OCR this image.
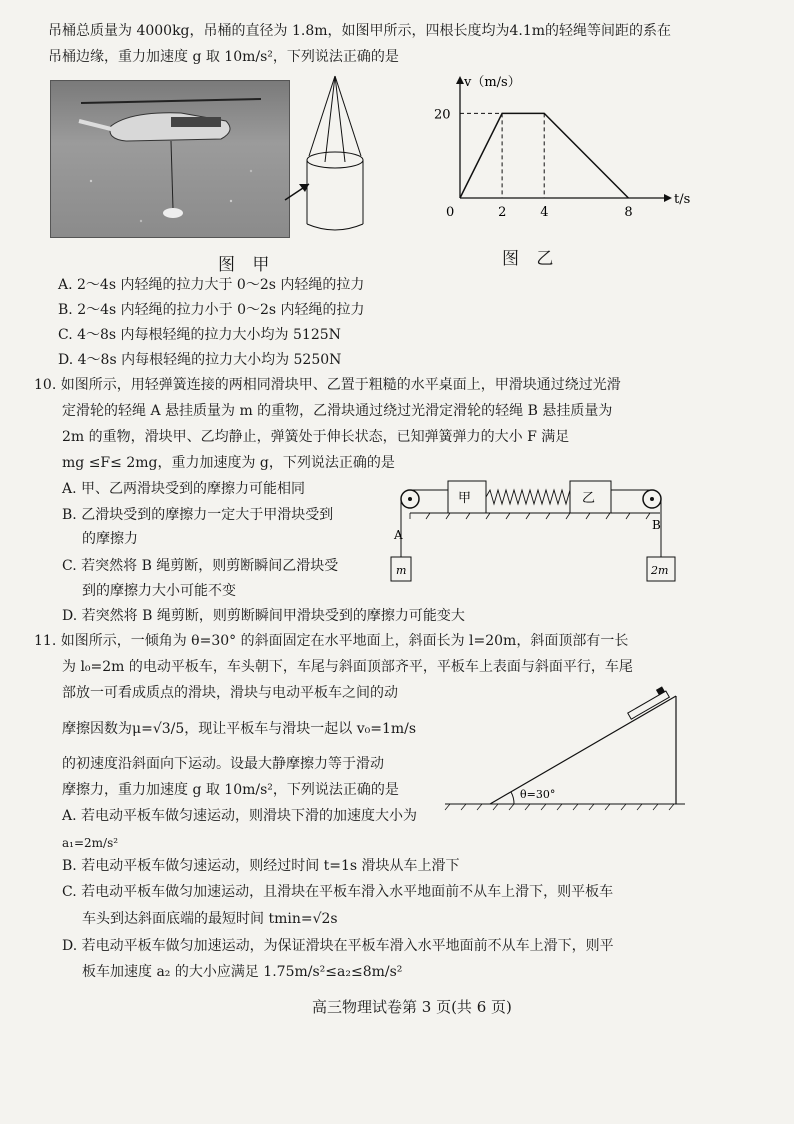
吊桶总质量为 4000kg，吊桶的直径为 1.8m，如图甲所示，四根长度均为4.1m的轻绳等间距的系在
吊桶边缘，重力加速度 g 取 10m/s²，下列说法正确的是
图 甲
v（m/s）
t/s
0	2	4	8
20
图 乙
A. 2～4s 内轻绳的拉力大于 0～2s 内轻绳的拉力
B. 2～4s 内轻绳的拉力小于 0～2s 内轻绳的拉力
C. 4～8s 内每根轻绳的拉力大小均为 5125N
D. 4～8s 内每根轻绳的拉力大小均为 5250N
10. 如图所示，用轻弹簧连接的两相同滑块甲、乙置于粗糙的水平桌面上，甲滑块通过绕过光滑
定滑轮的轻绳 A 悬挂质量为 m 的重物，乙滑块通过绕过光滑定滑轮的轻绳 B 悬挂质量为
2m 的重物，滑块甲、乙均静止，弹簧处于伸长状态，已知弹簧弹力的大小 F 满足
mg ≤F≤ 2mg，重力加速度为 g，下列说法正确的是
A. 甲、乙两滑块受到的摩擦力可能相同
B. 乙滑块受到的摩擦力一定大于甲滑块受到
的摩擦力
C. 若突然将 B 绳剪断，则剪断瞬间乙滑块受
到的摩擦力大小可能不变
D. 若突然将 B 绳剪断，则剪断瞬间甲滑块受到的摩擦力可能变大
甲	乙
A
B
m	2m
11. 如图所示，一倾角为 θ=30° 的斜面固定在水平地面上，斜面长为 l=20m，斜面顶部有一长
为 l₀=2m 的电动平板车，车头朝下，车尾与斜面顶部齐平，平板车上表面与斜面平行，车尾
部放一可看成质点的滑块，滑块与电动平板车之间的动
摩擦因数为μ=√3/5，现让平板车与滑块一起以 v₀=1m/s
的初速度沿斜面向下运动。设最大静摩擦力等于滑动
摩擦力，重力加速度 g 取 10m/s²，下列说法正确的是
A. 若电动平板车做匀速运动，则滑块下滑的加速度大小为
a₁=2m/s²
B. 若电动平板车做匀速运动，则经过时间 t=1s 滑块从车上滑下
C. 若电动平板车做匀加速运动，且滑块在平板车滑入水平地面前不从车上滑下，则平板车
车头到达斜面底端的最短时间 tmin=√2s
D. 若电动平板车做匀加速运动，为保证滑块在平板车滑入水平地面前不从车上滑下，则平
板车加速度 a₂ 的大小应满足 1.75m/s²≤a₂≤8m/s²
θ=30°
高三物理试卷第 3 页(共 6 页)
